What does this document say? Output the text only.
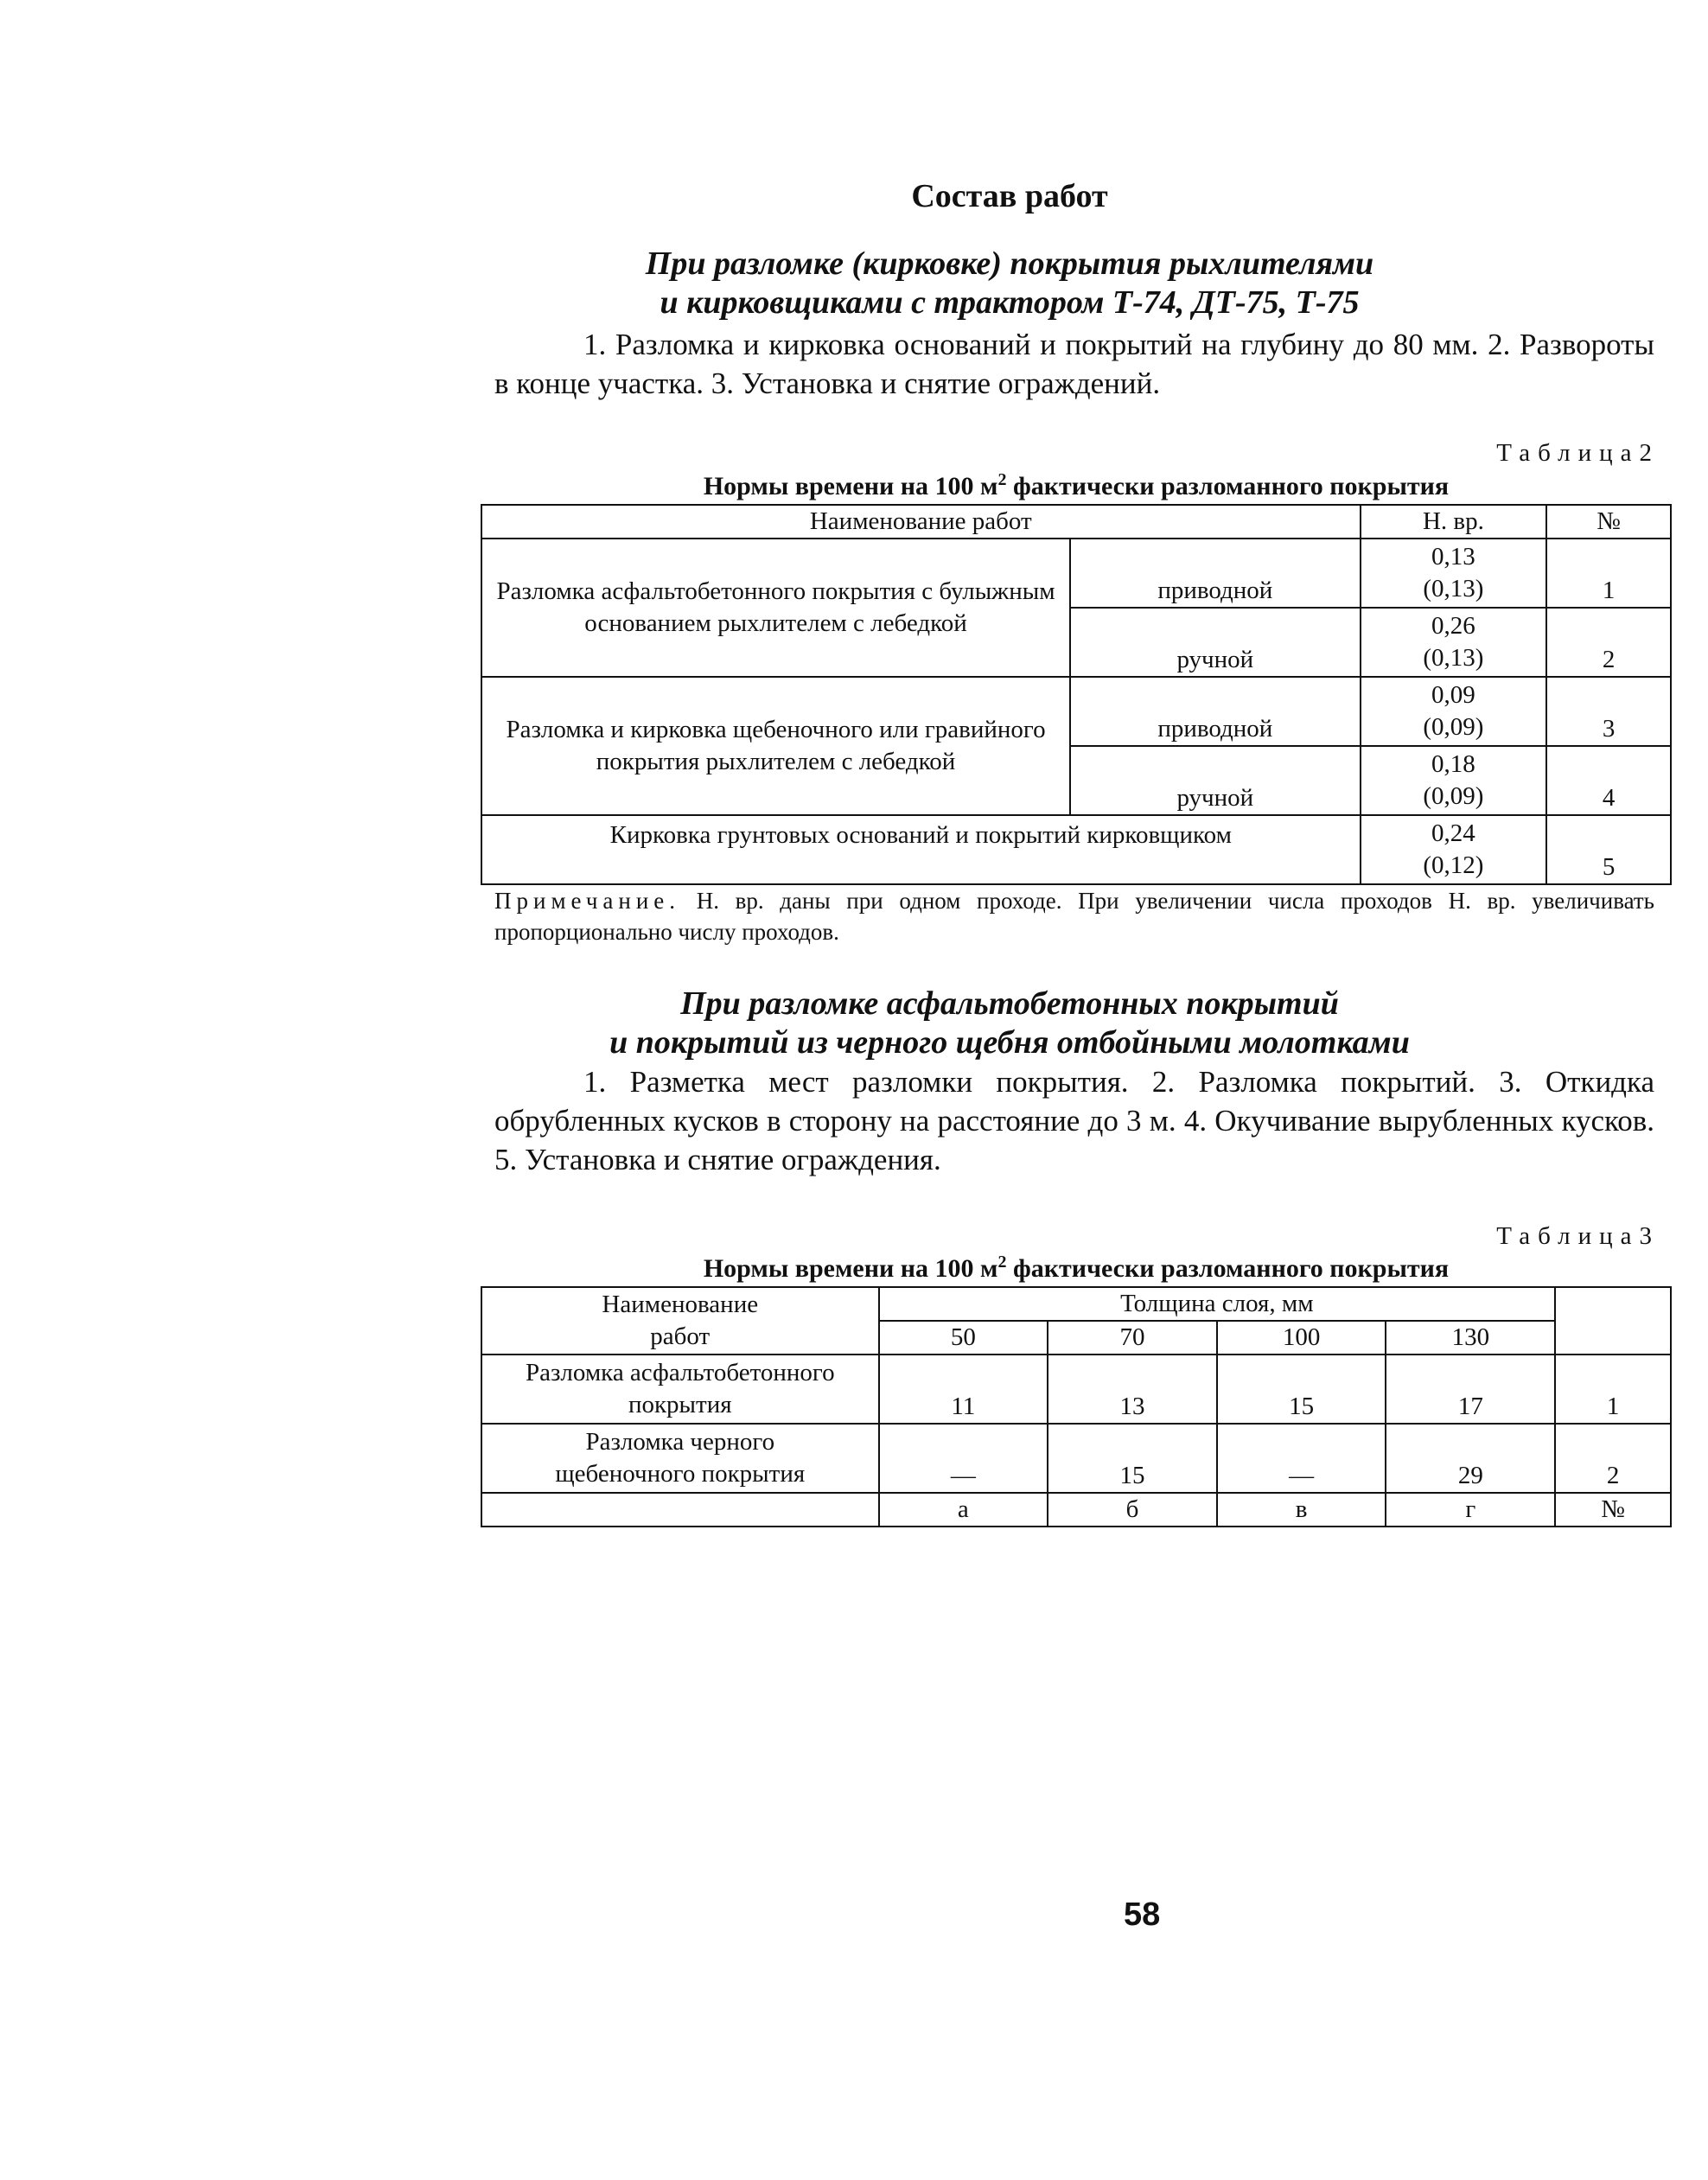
Состав работ
При разломке (кирковке) покрытия рыхлителями
и кирковщиками с трактором Т-74, ДТ-75, Т-75
1. Разломка и кирковка оснований и покрытий на глубину до 80 мм. 2. Развороты в конце участка. 3. Установка и снятие ограждений.
Таблица2
Нормы времени на 100 $м^2$ фактически разломанного покрытия
Наименование работ		Н. вр.	№
Разломка асфальтобетонного покрытия с булыжным основанием рыхлителем с лебедкой	приводной	0,13
(0,13)	1
	ручной	0,26
(0,13)	2
Разломка и кирковка щебеночного или гравийного покрытия рыхлителем с лебедкой	приводной	0,09
(0,09)	3
	ручной	0,18
(0,09)	4
Кирковка грунтовых оснований и покрытий кирковщиком		0,24
(0,12)	5
Примечание. Н. вр. даны при одном проходе. При увеличении числа проходов Н. вр. увеличивать пропорционально числу проходов.
При разломке асфальтобетонных покрытий
и покрытий из черного щебня отбойными молотками
1. Разметка мест разломки покрытия. 2. Разломка покрытий. 3. Откидка обрубленных кусков в сторону на расстояние до 3 м. 4. Окучивание вырубленных кусков. 5. Установка и снятие ограждения.
Таблица3
Нормы времени на 100 $м^2$ фактически разломанного покрытия
Наименование
работ	Толщина слоя, мм				
	50	70	100	130	

Разломка асфальтобетонного
покрытия	11	13	15	17	1

Разломка черного
щебеночного покрытия	—	15	—	29	2
	а	б	в	г	№
58
